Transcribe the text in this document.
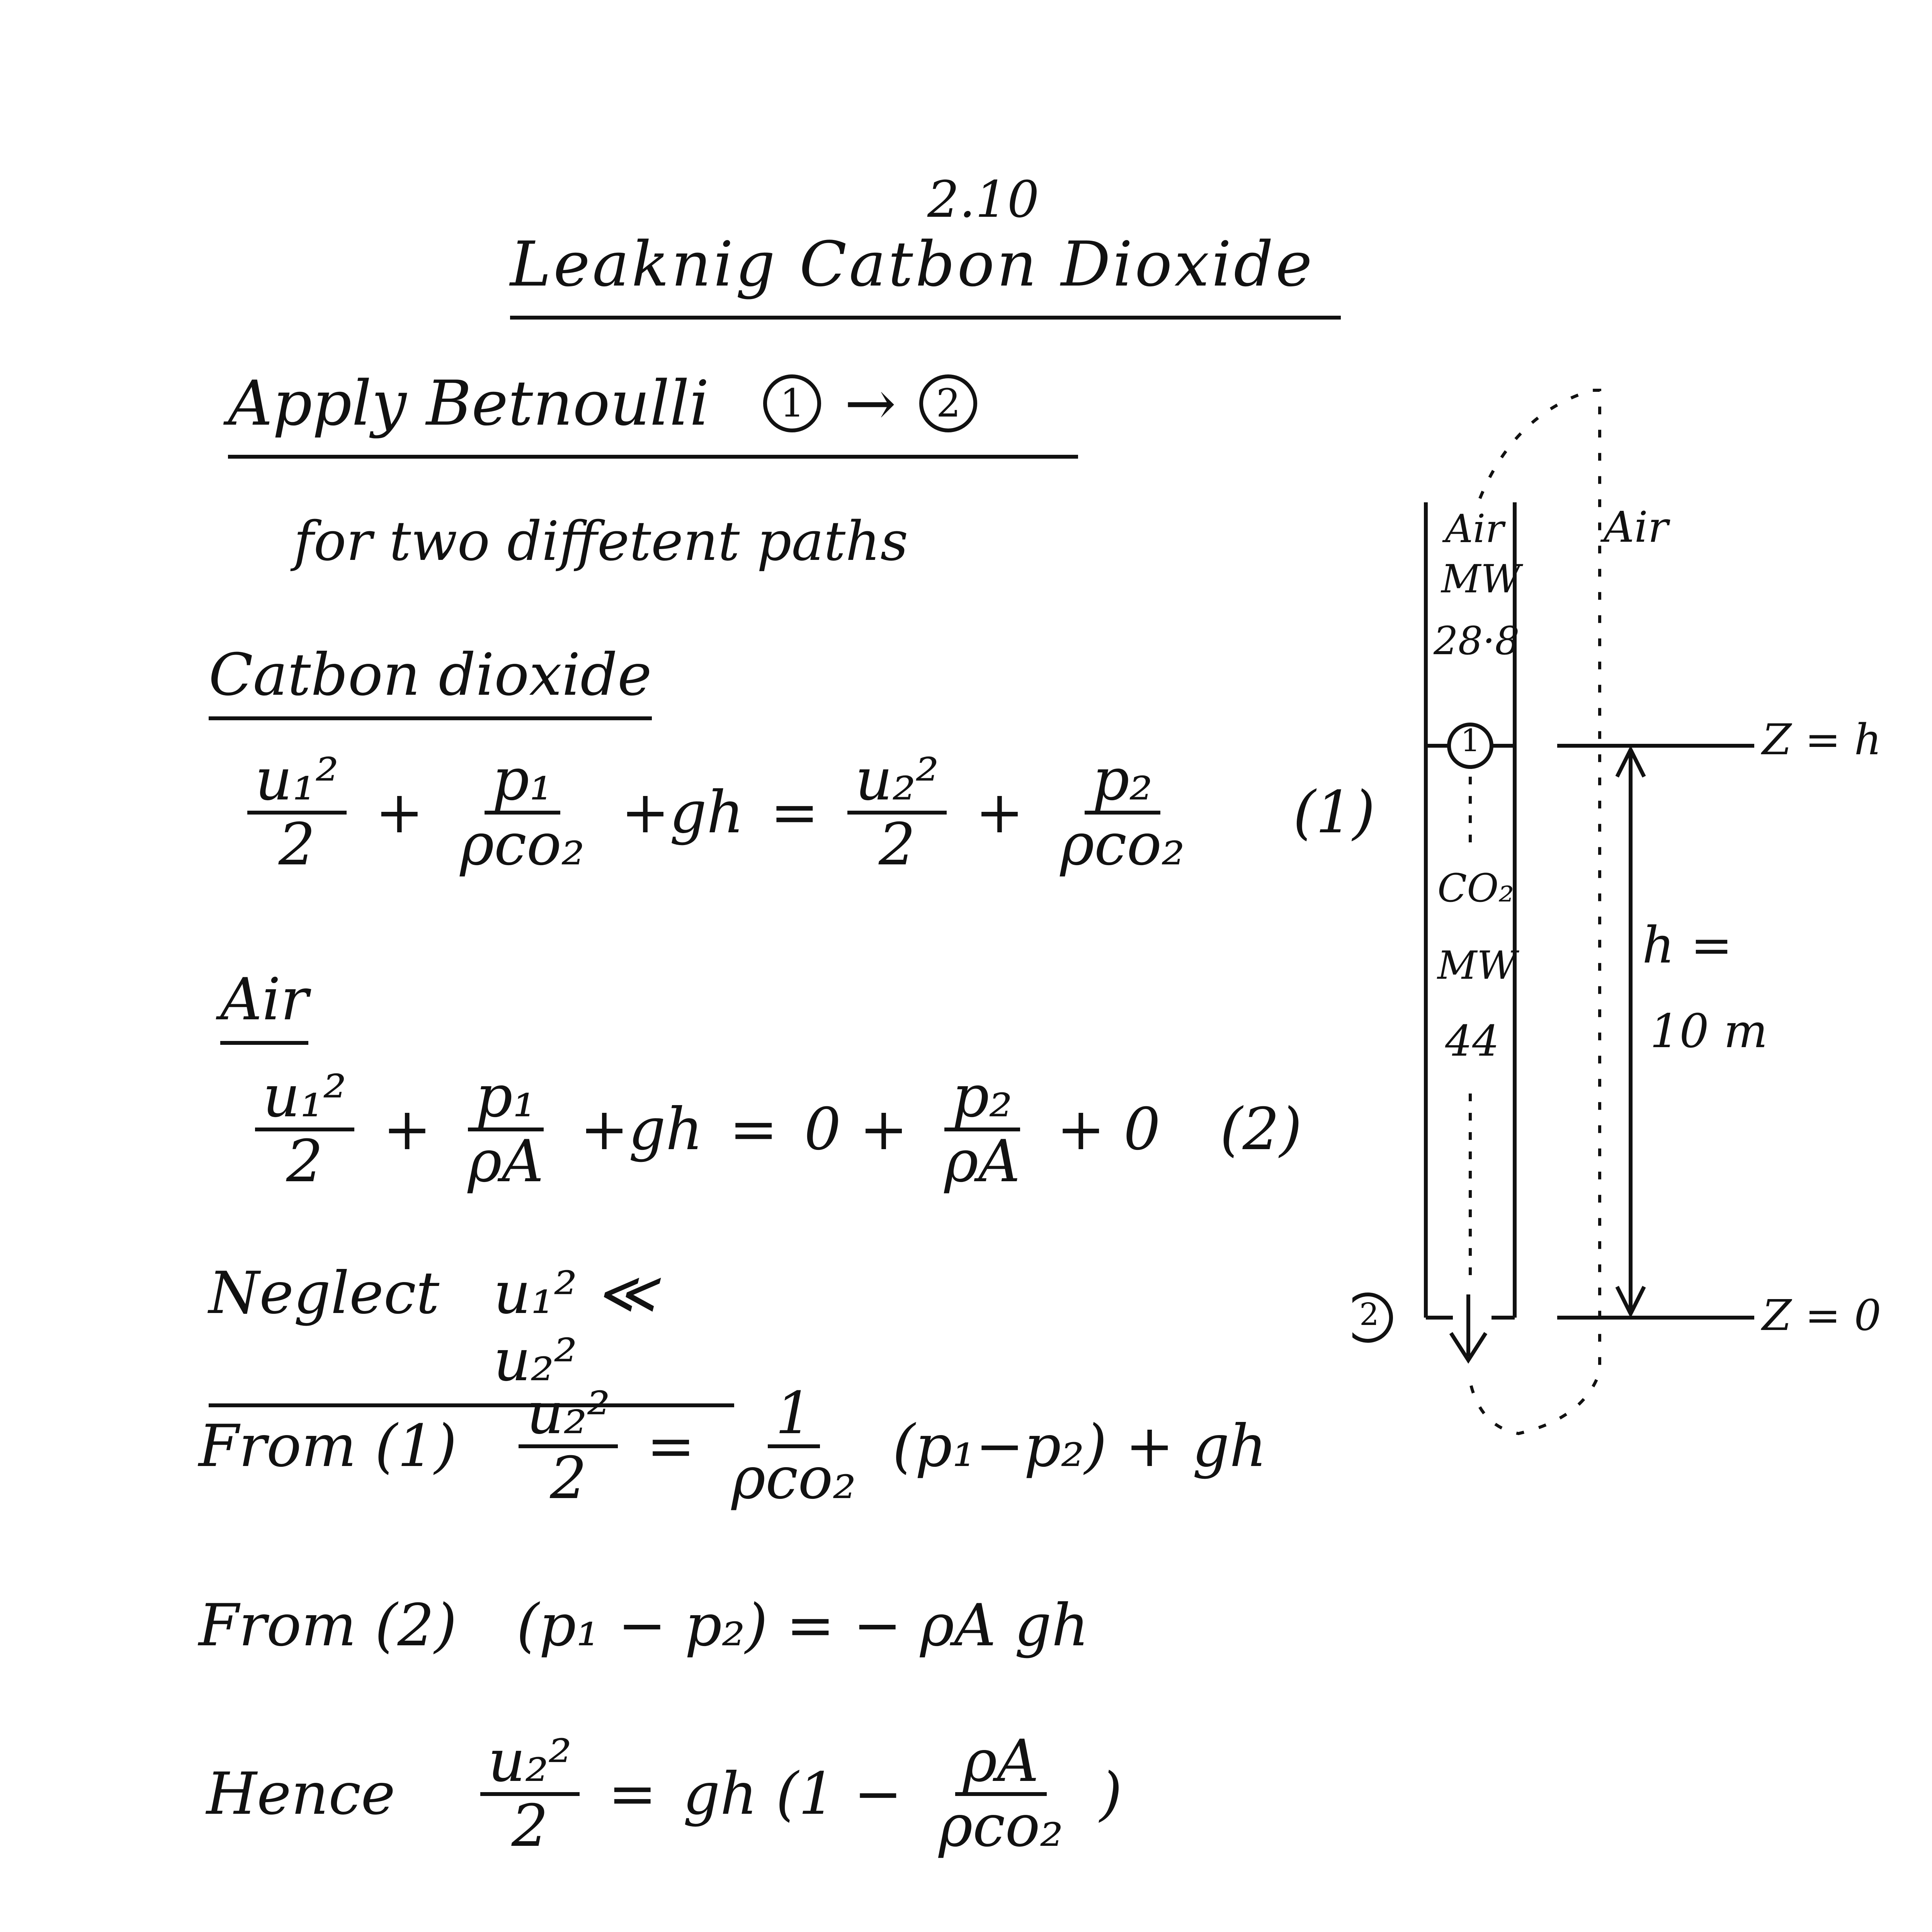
2.10
Leaknig Catbon Dioxide
Apply Betnoulli	1 →	2
for two diffetent paths
Catbon dioxide
$\frac{\text{u₁²}}{2} + \frac{\text{p₁}}{\text{ρco₂}} +gh = \frac{\text{u₂²}}{2} + \frac{\text{p₂}}{\text{ρco₂}} (1)$
Air
$\frac{\text{u₁²}}{2} + \frac{\text{p₁}}{\rho A} +gh = 0 + \frac{\text{p₂}}{\rho A} + 0$ (2)
Neglect u₁² ≪ u₂²
From $(1) \frac{\text{u₂²}}{2} = \frac{1}{\text{ρco₂}} (p_1-p_2)$ + gh
From (2) (p₁ − p₂) = − ρA gh
Hence $\frac{\text{u₂²}}{2}$ = gh ($1 - \frac{\rho A}{\text{ρco₂}}$ )
Air
MW
28·8
1
CO₂
MW
44
2
Air
Z = h
Z = 0
h =
10 m
